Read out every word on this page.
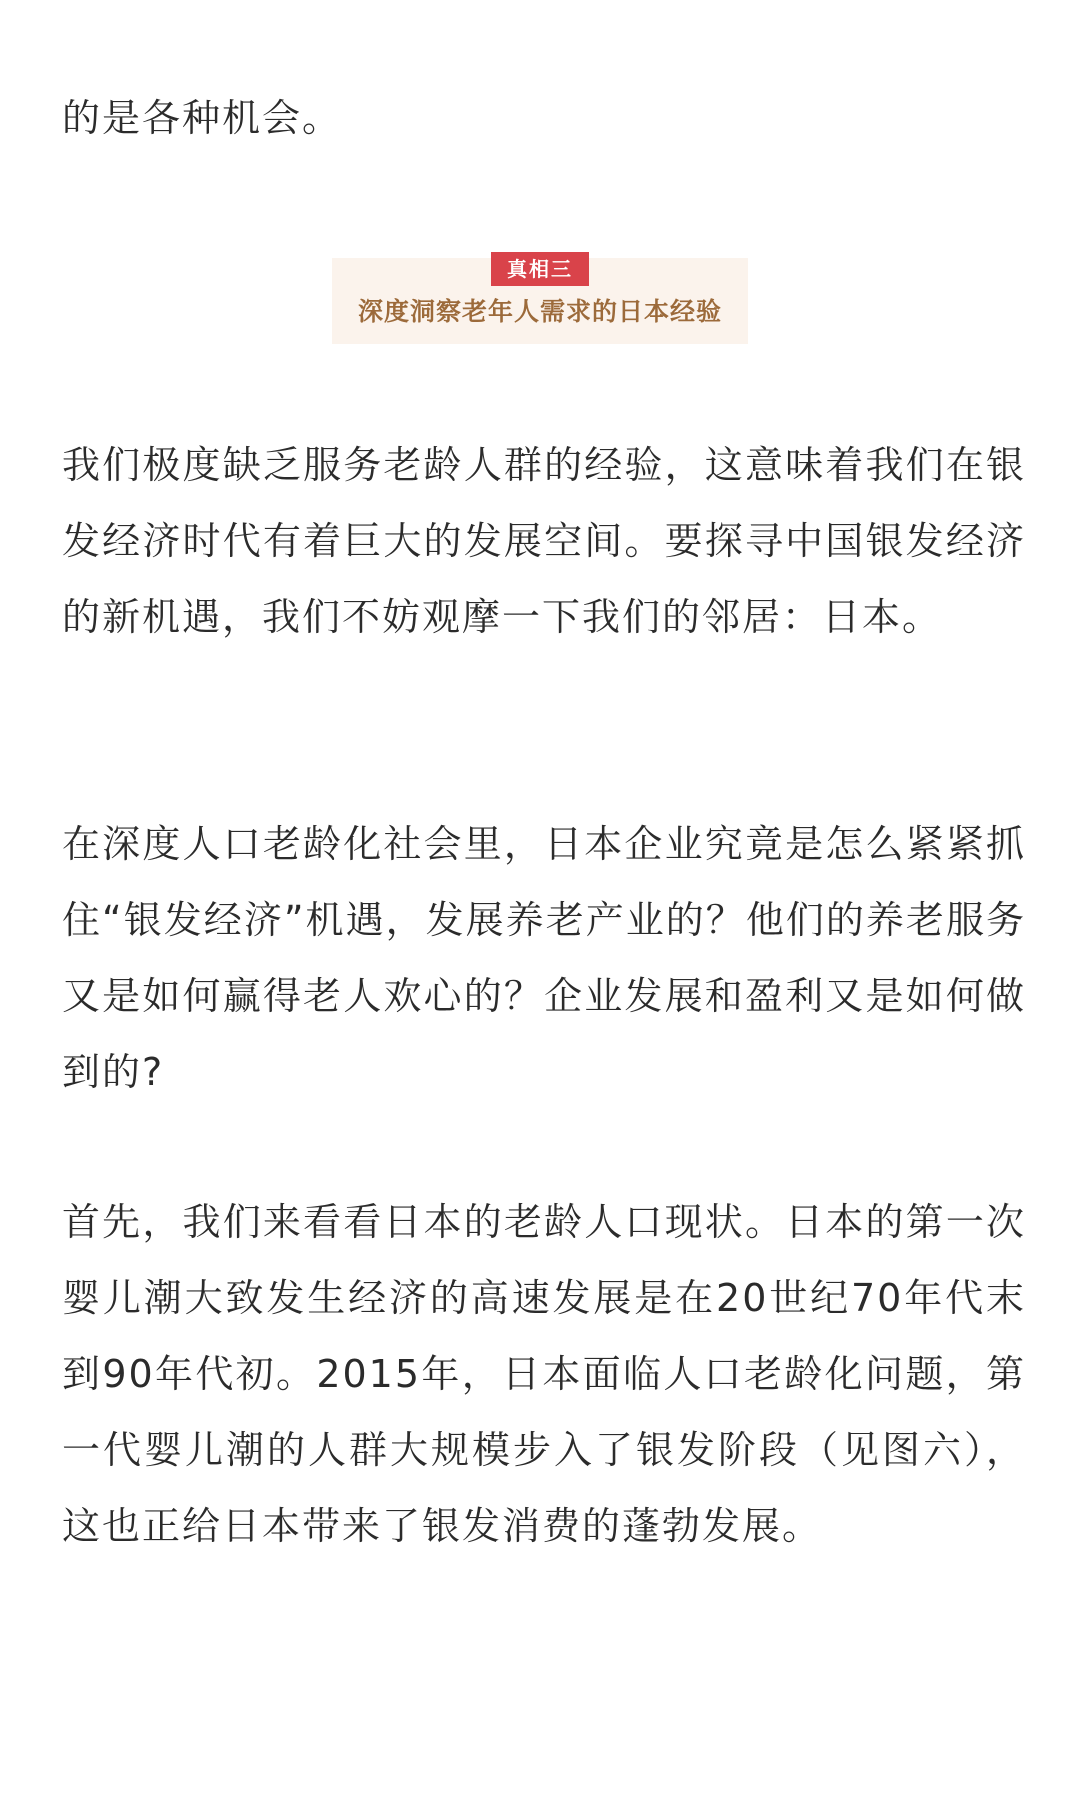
的是各种机会。

真相三
深度洞察老年人需求的日本经验

我们极度缺乏服务老龄人群的经验，这意味着我们在银发经济时代有着巨大的发展空间。要探寻中国银发经济的新机遇，我们不妨观摩一下我们的邻居：日本。

在深度人口老龄化社会里，日本企业究竟是怎么紧紧抓住“银发经济”机遇，发展养老产业的？他们的养老服务又是如何赢得老人欢心的？企业发展和盈利又是如何做到的?

首先，我们来看看日本的老龄人口现状。日本的第一次婴儿潮大致发生经济的高速发展是在20世纪70年代末到90年代初。2015年，日本面临人口老龄化问题，第一代婴儿潮的人群大规模步入了银发阶段（见图六），这也正给日本带来了银发消费的蓬勃发展。
